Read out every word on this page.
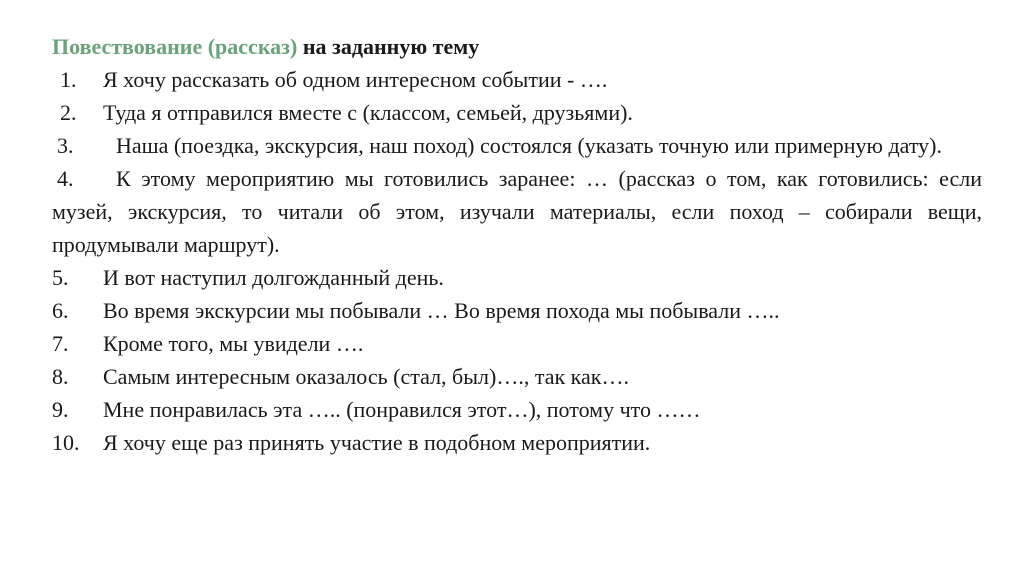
Повествование (рассказ) на заданную тему
1.	Я хочу рассказать об одном интересном событии - ….
2.	Туда я отправился вместе с (классом, семьей, друзьями).
3. Наша (поездка, экскурсия, наш поход) состоялся (указать точную или примерную дату).
4. К этому мероприятию мы готовились заранее: … (рассказ о том, как готовились: если музей, экскурсия, то читали об этом, изучали материалы, если поход – собирали вещи, продумывали маршрут).
5.	И вот наступил долгожданный день.
6.	Во время экскурсии мы побывали … Во время похода мы побывали …..
7.	Кроме того, мы увидели ….
8.	Самым интересным оказалось (стал, был)…., так как….
9.	Мне понравилась эта ….. (понравился этот…), потому что ……
10.	Я хочу еще раз принять участие в подобном мероприятии.
